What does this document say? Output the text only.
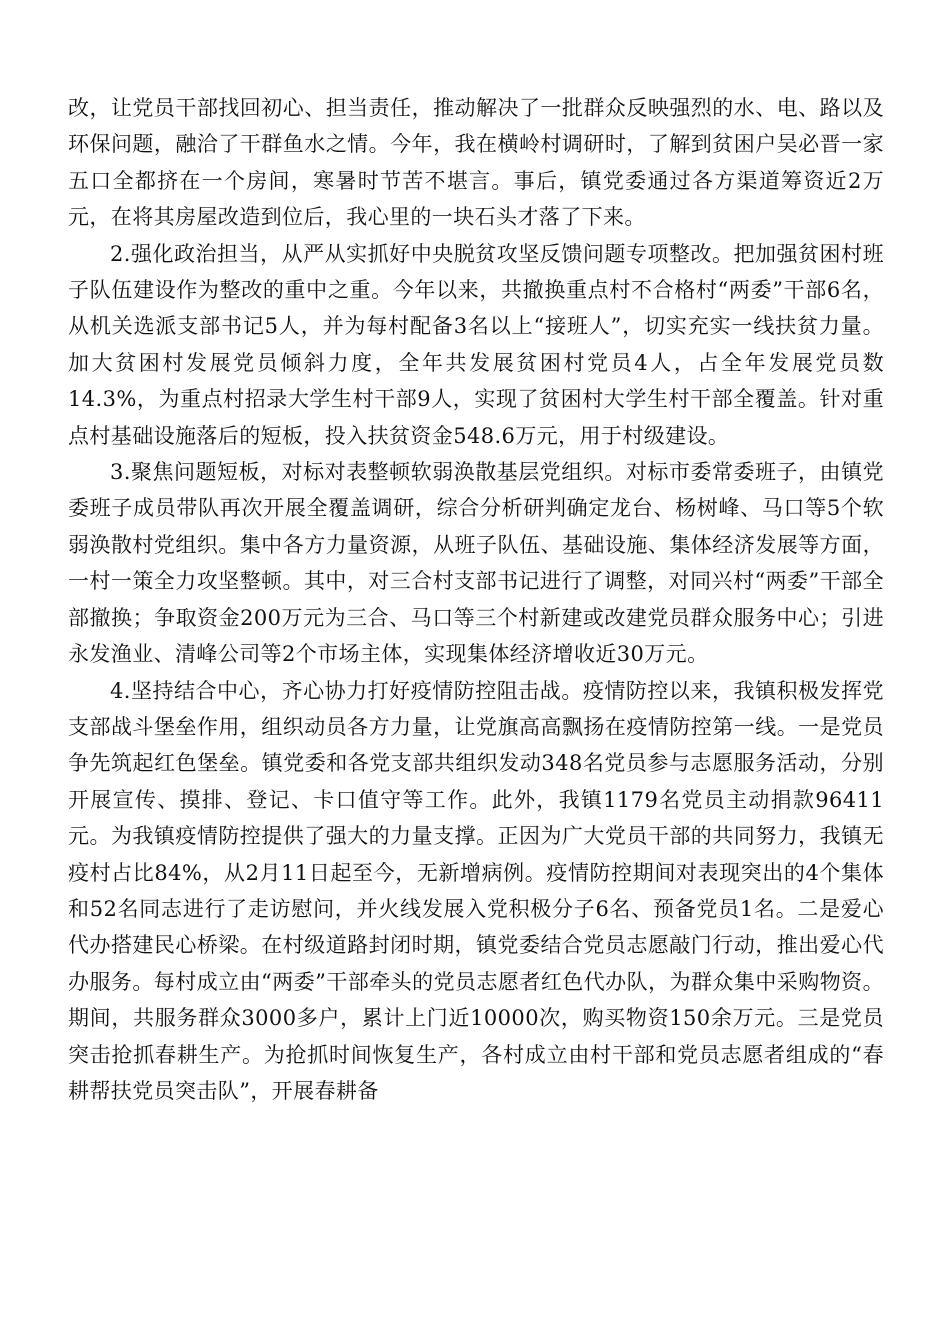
改，让党员干部找回初心、担当责任，推动解决了一批群众反映强烈的水、电、路以及环保问题，融洽了干群鱼水之情。今年，我在横岭村调研时，了解到贫困户吴必晋一家五口全都挤在一个房间，寒暑时节苦不堪言。事后，镇党委通过各方渠道筹资近2万元，在将其房屋改造到位后，我心里的一块石头才落了下来。

2.强化政治担当，从严从实抓好中央脱贫攻坚反馈问题专项整改。把加强贫困村班子队伍建设作为整改的重中之重。今年以来，共撤换重点村不合格村“两委”干部6名，从机关选派支部书记5人，并为每村配备3名以上“接班人”，切实充实一线扶贫力量。加大贫困村发展党员倾斜力度，全年共发展贫困村党员4人，占全年发展党员数14.3%，为重点村招录大学生村干部9人，实现了贫困村大学生村干部全覆盖。针对重点村基础设施落后的短板，投入扶贫资金548.6万元，用于村级建设。

3.聚焦问题短板，对标对表整顿软弱涣散基层党组织。对标市委常委班子，由镇党委班子成员带队再次开展全覆盖调研，综合分析研判确定龙台、杨树峰、马口等5个软弱涣散村党组织。集中各方力量资源，从班子队伍、基础设施、集体经济发展等方面，一村一策全力攻坚整顿。其中，对三合村支部书记进行了调整，对同兴村“两委”干部全部撤换；争取资金200万元为三合、马口等三个村新建或改建党员群众服务中心；引进永发渔业、清峰公司等2个市场主体，实现集体经济增收近30万元。

4.坚持结合中心，齐心协力打好疫情防控阻击战。疫情防控以来，我镇积极发挥党支部战斗堡垒作用，组织动员各方力量，让党旗高高飘扬在疫情防控第一线。一是党员争先筑起红色堡垒。镇党委和各党支部共组织发动348名党员参与志愿服务活动，分别开展宣传、摸排、登记、卡口值守等工作。此外，我镇1179名党员主动捐款96411元。为我镇疫情防控提供了强大的力量支撑。正因为广大党员干部的共同努力，我镇无疫村占比84%，从2月11日起至今，无新增病例。疫情防控期间对表现突出的4个集体和52名同志进行了走访慰问，并火线发展入党积极分子6名、预备党员1名。二是爱心代办搭建民心桥梁。在村级道路封闭时期，镇党委结合党员志愿敲门行动，推出爱心代办服务。每村成立由“两委”干部牵头的党员志愿者红色代办队，为群众集中采购物资。期间，共服务群众3000多户，累计上门近10000次，购买物资150余万元。三是党员突击抢抓春耕生产。为抢抓时间恢复生产，各村成立由村干部和党员志愿者组成的“春耕帮扶党员突击队”，开展春耕备
